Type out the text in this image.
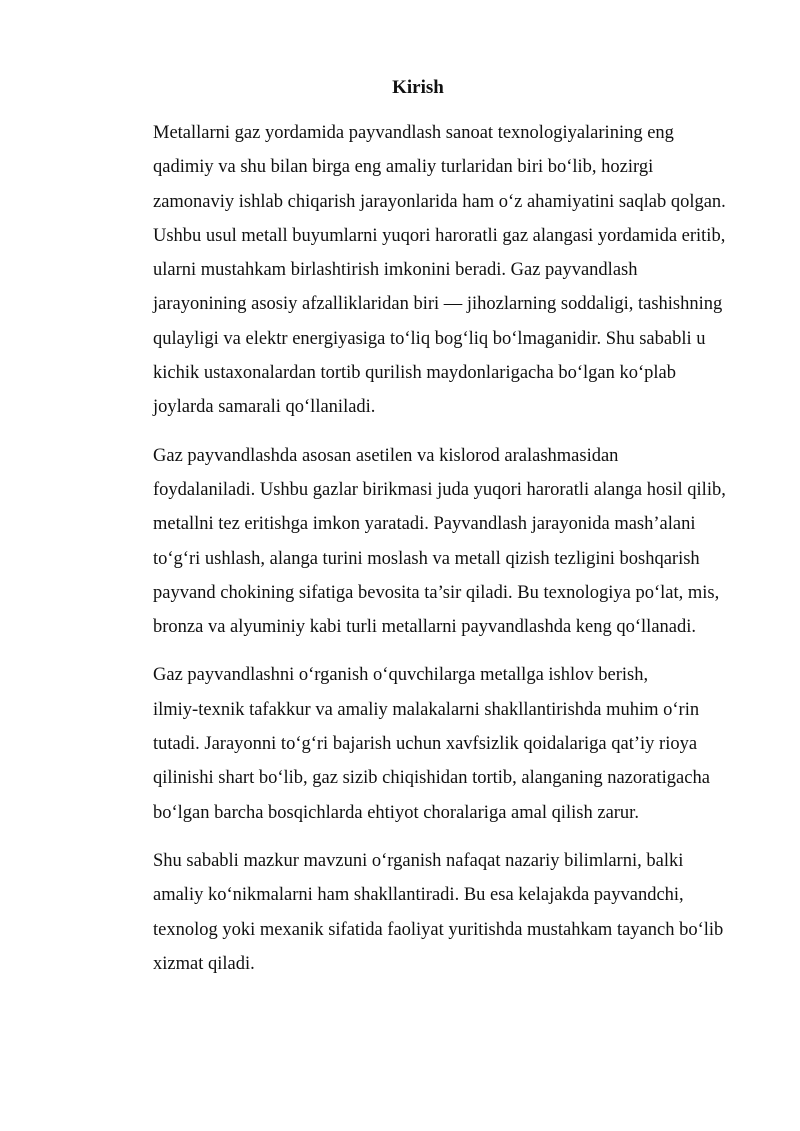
Kirish
Metallarni gaz yordamida payvandlash sanoat texnologiyalarining eng
qadimiy va shu bilan birga eng amaliy turlaridan biri bo‘lib, hozirgi
zamonaviy ishlab chiqarish jarayonlarida ham o‘z ahamiyatini saqlab qolgan.
Ushbu usul metall buyumlarni yuqori haroratli gaz alangasi yordamida eritib,
ularni mustahkam birlashtirish imkonini beradi. Gaz payvandlash
jarayonining asosiy afzalliklaridan biri — jihozlarning soddaligi, tashishning
qulayligi va elektr energiyasiga to‘liq bog‘liq bo‘lmaganidir. Shu sababli u
kichik ustaxonalardan tortib qurilish maydonlarigacha bo‘lgan ko‘plab
joylarda samarali qo‘llaniladi.
Gaz payvandlashda asosan asetilen va kislorod aralashmasidan
foydalaniladi. Ushbu gazlar birikmasi juda yuqori haroratli alanga hosil qilib,
metallni tez eritishga imkon yaratadi. Payvandlash jarayonida mash’alani
to‘g‘ri ushlash, alanga turini moslash va metall qizish tezligini boshqarish
payvand chokining sifatiga bevosita ta’sir qiladi. Bu texnologiya po‘lat, mis,
bronza va alyuminiy kabi turli metallarni payvandlashda keng qo‘llanadi.
Gaz payvandlashni o‘rganish o‘quvchilarga metallga ishlov berish,
ilmiy-texnik tafakkur va amaliy malakalarni shakllantirishda muhim o‘rin
tutadi. Jarayonni to‘g‘ri bajarish uchun xavfsizlik qoidalariga qat’iy rioya
qilinishi shart bo‘lib, gaz sizib chiqishidan tortib, alanganing nazoratigacha
bo‘lgan barcha bosqichlarda ehtiyot choralariga amal qilish zarur.
Shu sababli mazkur mavzuni o‘rganish nafaqat nazariy bilimlarni, balki
amaliy ko‘nikmalarni ham shakllantiradi. Bu esa kelajakda payvandchi,
texnolog yoki mexanik sifatida faoliyat yuritishda mustahkam tayanch bo‘lib
xizmat qiladi.
